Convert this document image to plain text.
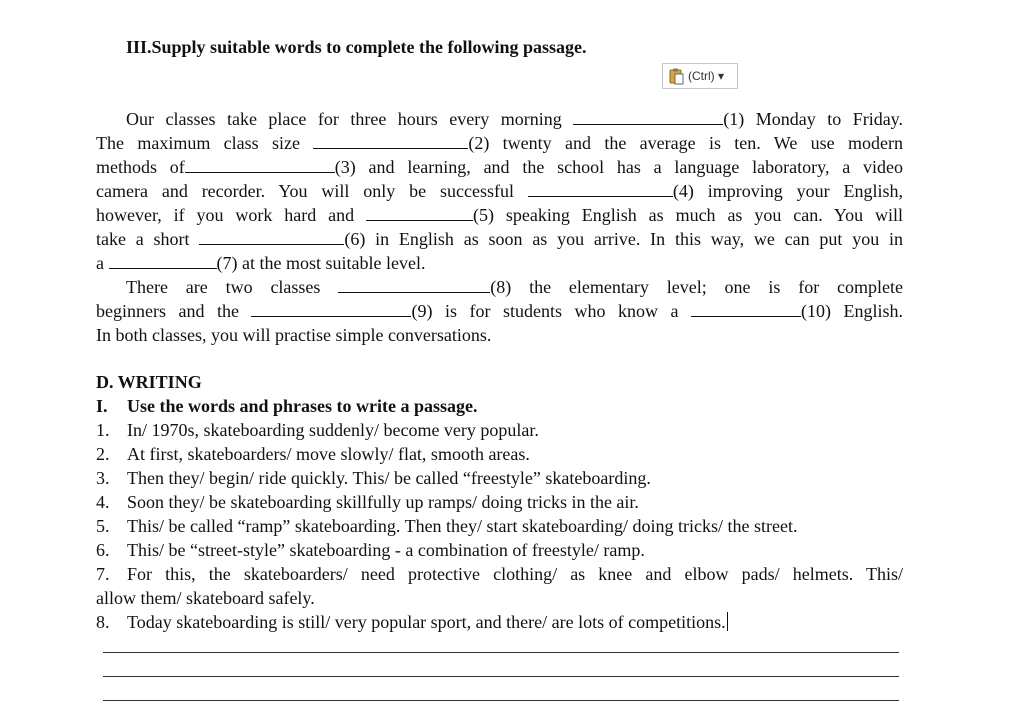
III.Supply suitable words to complete the following passage.
(Ctrl) ▾
Our classes take place for three hours every morning	(1) Monday to Friday.
The maximum class size	(2) twenty and the average is ten. We use modern
methods of	(3) and learning, and the school has a language laboratory, a video
camera and recorder. You will only be successful	(4) improving your English,
however, if you work hard and	(5) speaking English as much as you can. You will
take a short	(6) in English as soon as you arrive. In this way, we can put you in
a	(7) at the most suitable level.
There are two classes	(8) the elementary level; one is for complete
beginners and the	(9) is for students who know a	(10) English.
In both classes, you will practise simple conversations.
D. WRITING
I. Use the words and phrases to write a passage.
1. In/ 1970s, skateboarding suddenly/ become very popular.
2. At first, skateboarders/ move slowly/ flat, smooth areas.
3. Then they/ begin/ ride quickly. This/ be called “freestyle” skateboarding.
4. Soon they/ be skateboarding skillfully up ramps/ doing tricks in the air.
5. This/ be called “ramp” skateboarding. Then they/ start skateboarding/ doing tricks/ the street.
6. This/ be “street-style” skateboarding - a combination of freestyle/ ramp.
7. For this, the skateboarders/ need protective clothing/ as knee and elbow pads/ helmets. This/
allow them/ skateboard safely.
8. Today skateboarding is still/ very popular sport, and there/ are lots of competitions.
